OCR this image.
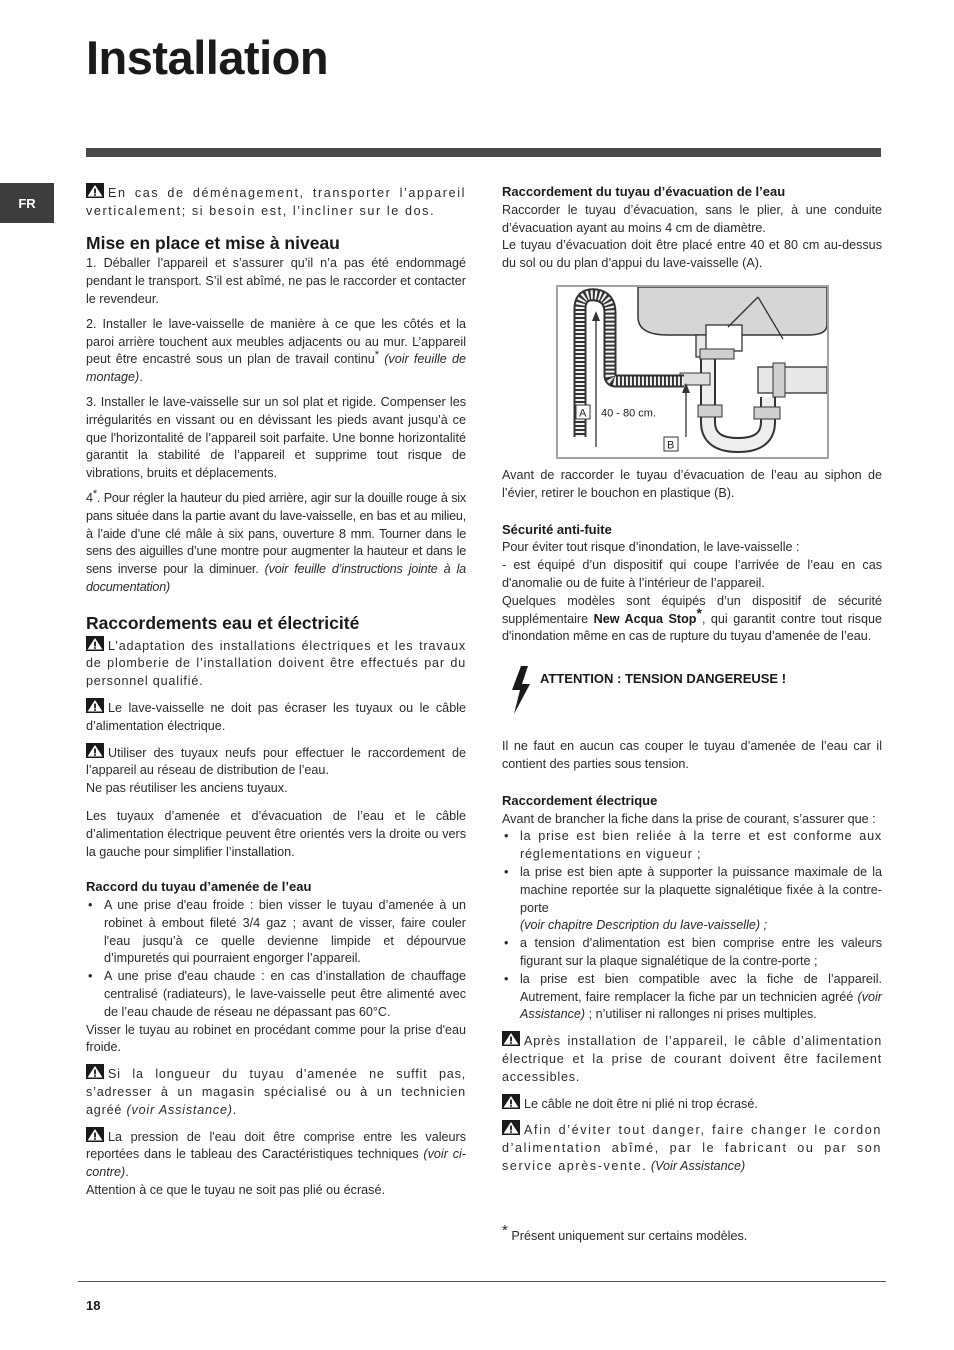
Installation
FR

En cas de déménagement, transporter l’appareil verticalement; si besoin est, l’incliner sur le dos.

Mise en place et mise à niveau

1. Déballer l’appareil et s’assurer qu’il n’a pas été endommagé pendant le transport. S’il est abîmé, ne pas le raccorder et contacter le revendeur.

2. Installer le lave-vaisselle de manière à ce que les côtés et la paroi arrière touchent aux meubles adjacents ou au mur. L’appareil peut être encastré sous un plan de travail continu* (voir feuille de montage).

3. Installer le lave-vaisselle sur un sol plat et rigide. Compenser les irrégularités en vissant ou en dévissant les pieds avant jusqu'à ce que l'horizontalité de l’appareil soit parfaite. Une bonne horizontalité garantit la stabilité de l’appareil et supprime tout risque de vibrations, bruits et déplacements.

4*. Pour régler la hauteur du pied arrière, agir sur la douille rouge à six pans située dans la partie avant du lave-vaisselle, en bas et au milieu, à l’aide d’une clé mâle à six pans, ouverture 8 mm. Tourner dans le sens des aiguilles d’une montre pour augmenter la hauteur et dans le sens inverse pour la diminuer. (voir feuille d’instructions jointe à la documentation)

Raccordements eau et électricité

L’adaptation des installations électriques et les travaux de plomberie de l’installation doivent être effectués par du personnel qualifié.

Le lave-vaisselle ne doit pas écraser les tuyaux ou le câble d’alimentation électrique.

Utiliser des tuyaux neufs pour effectuer le raccordement de l’appareil au réseau de distribution de l’eau.
Ne pas réutiliser les anciens tuyaux.

Les tuyaux d’amenée et d’évacuation de l’eau et le câble d’alimentation électrique peuvent être orientés vers la droite ou vers la gauche pour simplifier l’installation.

Raccord du tuyau d’amenée de l’eau
• A une prise d'eau froide : bien visser le tuyau d’amenée à un robinet à embout fileté 3/4 gaz ; avant de visser, faire couler l'eau jusqu’à ce quelle devienne limpide et dépourvue d’impuretés qui pourraient engorger l’appareil.
• A une prise d'eau chaude : en cas d’installation de chauffage centralisé (radiateurs), le lave-vaisselle peut être alimenté avec de l’eau chaude de réseau ne dépassant pas 60°C.

Visser le tuyau au robinet en procédant comme pour la prise d'eau froide.

Si la longueur du tuyau d’amenée ne suffit pas, s’adresser à un magasin spécialisé ou à un technicien agréé (voir Assistance).

La pression de l'eau doit être comprise entre les valeurs reportées dans le tableau des Caractéristiques techniques (voir ci-contre).

Attention à ce que le tuyau ne soit pas plié ou écrasé.

Raccordement du tuyau d’évacuation de l’eau

Raccorder le tuyau d’évacuation, sans le plier, à une conduite d’évacuation ayant au moins 4 cm de diamètre.

Le tuyau d’évacuation doit être placé entre 40 et 80 cm au-dessus du sol ou du plan d’appui du lave-vaisselle (A).

A 40 - 80 cm.
B

Avant de raccorder le tuyau d’évacuation de l’eau au siphon de l’évier, retirer le bouchon en plastique (B).

Sécurité anti-fuite

Pour éviter tout risque d’inondation, le lave-vaisselle :

- est équipé d’un dispositif qui coupe l’arrivée de l’eau en cas d'anomalie ou de fuite à l’intérieur de l’appareil.

Quelques modèles sont équipés d’un dispositif de sécurité supplémentaire New Acqua Stop*, qui garantit contre tout risque d'inondation même en cas de rupture du tuyau d’amenée de l’eau.

ATTENTION : TENSION DANGEREUSE !

Il ne faut en aucun cas couper le tuyau d’amenée de l’eau car il contient des parties sous tension.

Raccordement électrique

Avant de brancher la fiche dans la prise de courant, s’assurer que :

• la prise est bien reliée à la terre et est conforme aux réglementations en vigueur ;
• la prise est bien apte à supporter la puissance maximale de la machine reportée sur la plaquette signalétique fixée à la contre-porte
(voir chapitre Description du lave-vaisselle) ;
• a tension d’alimentation est bien comprise entre les valeurs figurant sur la plaque signalétique de la contre-porte ;
• la prise est bien compatible avec la fiche de l’appareil. Autrement, faire remplacer la fiche par un technicien agréé (voir Assistance) ; n’utiliser ni rallonges ni prises multiples.

Après installation de l’appareil, le câble d’alimentation électrique et la prise de courant doivent être facilement accessibles.

Le câble ne doit être ni plié ni trop écrasé.

Afin d’éviter tout danger, faire changer le cordon d’alimentation abîmé, par le fabricant ou par son service après-vente. (Voir Assistance)

* Présent uniquement sur certains modèles.
18
